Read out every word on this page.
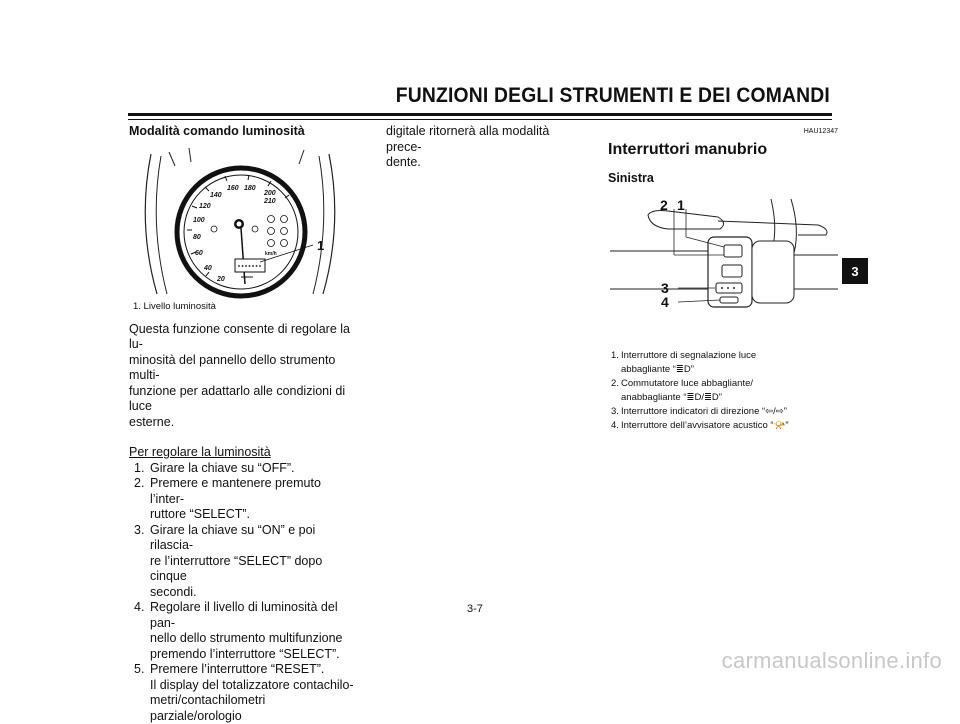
FUNZIONI DEGLI STRUMENTI E DEI COMANDI
3
Modalità comando luminosità
20
40
60
80
100
120
140
160 180
200
210
km/h
1
1. Livello luminosità
Questa funzione consente di regolare la lu-
minosità del pannello dello strumento multi-
funzione per adattarlo alle condizioni di luce
esterne.
Per regolare la luminosità
1. Girare la chiave su “OFF”.
2. Premere e mantenere premuto l’inter-
ruttore “SELECT”.
3. Girare la chiave su “ON” e poi rilascia-
re l’interruttore “SELECT” dopo cinque
secondi.
4. Regolare il livello di luminosità del pan-
nello dello strumento multifunzione
premendo l’interruttore “SELECT”.
5. Premere l’interruttore “RESET”.
Il display del totalizzatore contachilo-
metri/contachilometri parziale/orologio
digitale ritornerà alla modalità prece-
dente.
HAU12347
Interruttori manubrio
Sinistra
2 1
3
4
1. Interruttore di segnalazione luce
abbagliante “≣D”
2. Commutatore luce abbagliante/
anabbagliante “≣D/≣D”
3. Interruttore indicatori di direzione “⇦/⇨”
4. Interruttore dell’avvisatore acustico “📯”
3-7
carmanualsonline.info
